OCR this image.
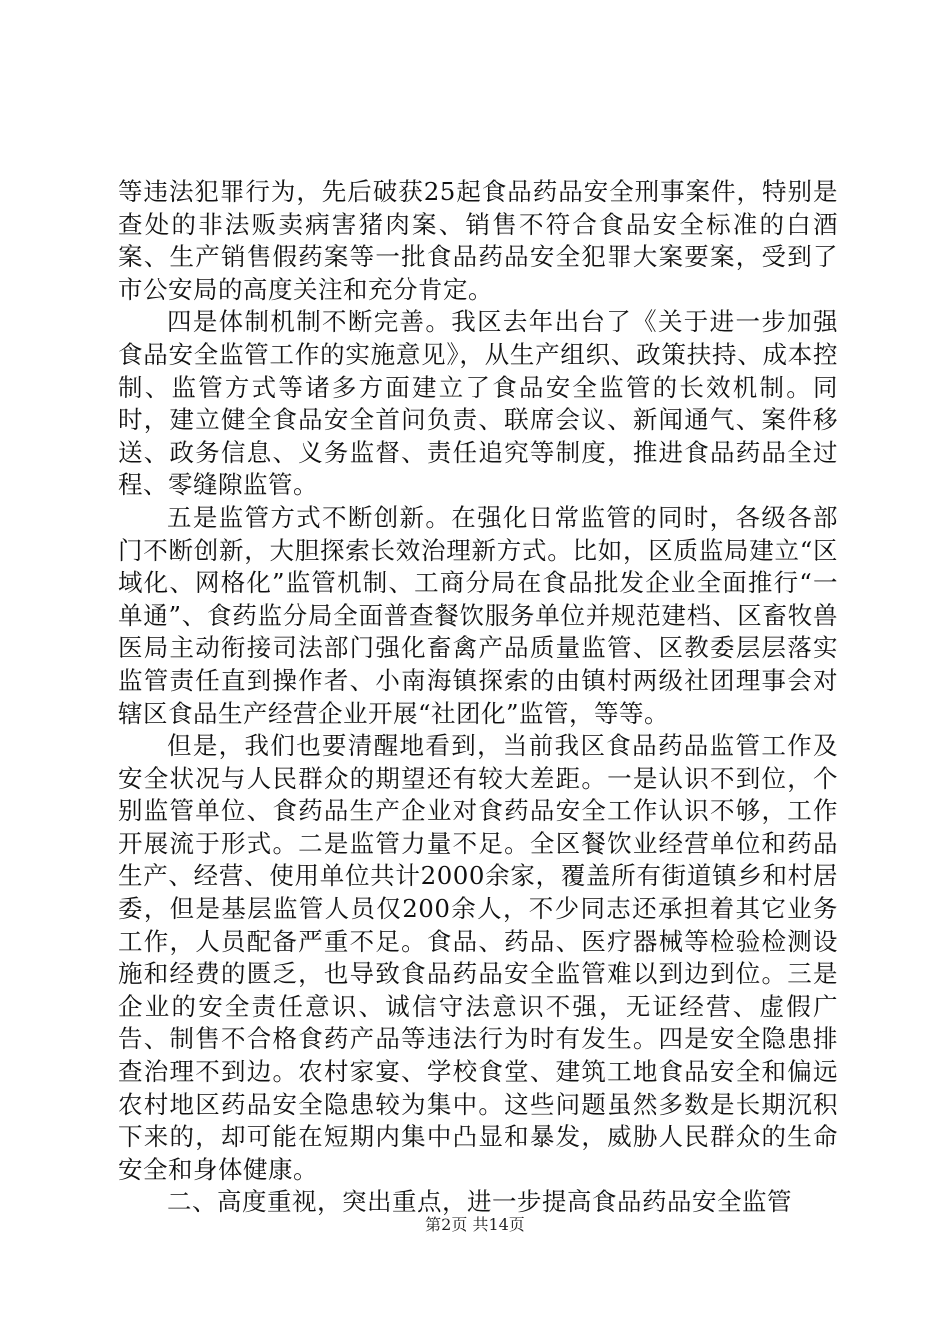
等违法犯罪行为，先后破获25起食品药品安全刑事案件，特别是查处的非法贩卖病害猪肉案、销售不符合食品安全标准的白酒案、生产销售假药案等一批食品药品安全犯罪大案要案，受到了市公安局的高度关注和充分肯定。

四是体制机制不断完善。我区去年出台了《关于进一步加强食品安全监管工作的实施意见》，从生产组织、政策扶持、成本控制、监管方式等诸多方面建立了食品安全监管的长效机制。同时，建立健全食品安全首问负责、联席会议、新闻通气、案件移送、政务信息、义务监督、责任追究等制度，推进食品药品全过程、零缝隙监管。

五是监管方式不断创新。在强化日常监管的同时，各级各部门不断创新，大胆探索长效治理新方式。比如，区质监局建立“区域化、网格化”监管机制、工商分局在食品批发企业全面推行“一单通”、食药监分局全面普查餐饮服务单位并规范建档、区畜牧兽医局主动衔接司法部门强化畜禽产品质量监管、区教委层层落实监管责任直到操作者、小南海镇探索的由镇村两级社团理事会对辖区食品生产经营企业开展“社团化”监管，等等。

但是，我们也要清醒地看到，当前我区食品药品监管工作及安全状况与人民群众的期望还有较大差距。一是认识不到位，个别监管单位、食药品生产企业对食药品安全工作认识不够，工作开展流于形式。二是监管力量不足。全区餐饮业经营单位和药品生产、经营、使用单位共计2000余家，覆盖所有街道镇乡和村居委，但是基层监管人员仅200余人，不少同志还承担着其它业务工作，人员配备严重不足。食品、药品、医疗器械等检验检测设施和经费的匮乏，也导致食品药品安全监管难以到边到位。三是企业的安全责任意识、诚信守法意识不强，无证经营、虚假广告、制售不合格食药产品等违法行为时有发生。四是安全隐患排查治理不到边。农村家宴、学校食堂、建筑工地食品安全和偏远农村地区药品安全隐患较为集中。这些问题虽然多数是长期沉积下来的，却可能在短期内集中凸显和暴发，威胁人民群众的生命安全和身体健康。

二、高度重视，突出重点，进一步提高食品药品安全监管

第2页 共14页
